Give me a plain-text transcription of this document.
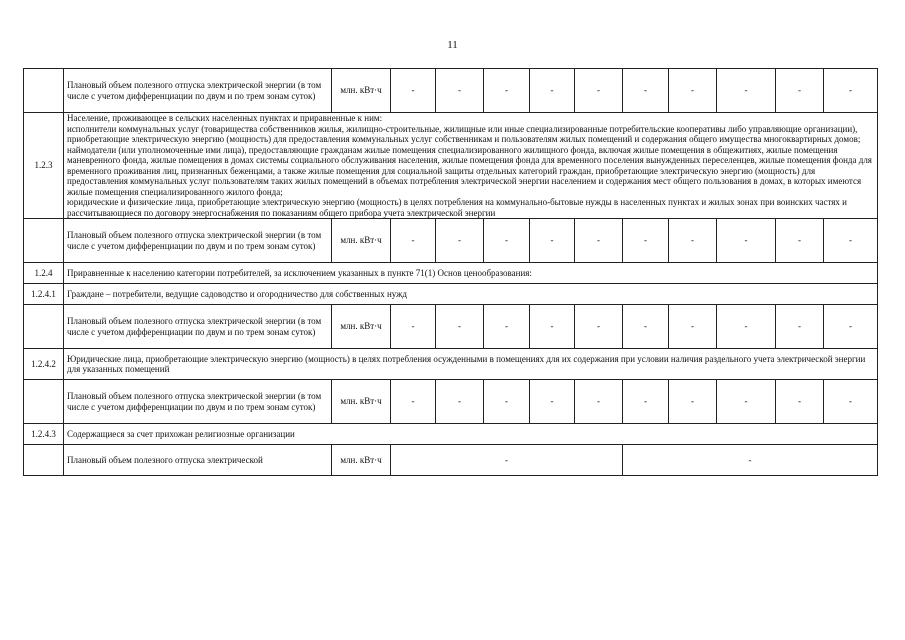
11
	Плановый объем полезного отпуска электрической энергии (в том числе с учетом дифференциации по двум и по трем зонам суток)	млн. кВт·ч	-	-	-	-	-	-	-	-	-	-
1.2.3	Население, проживающее в сельских населенных пунктах и приравненные к ним:
исполнители коммунальных услуг (товарищества собственников жилья, жилищно-строительные, жилищные или иные специализированные потребительские кооперативы либо управляющие организации), приобретающие электрическую энергию (мощность) для предоставления коммунальных услуг собственникам и пользователям жилых помещений и содержания общего имущества многоквартирных домов; наймодатели (или уполномоченные ими лица), предоставляющие гражданам жилые помещения специализированного жилищного фонда, включая жилые помещения в общежитиях, жилые помещения маневренного фонда, жилые помещения в домах системы социального обслуживания населения, жилые помещения фонда для временного поселения вынужденных переселенцев, жилые помещения фонда для временного проживания лиц, признанных беженцами, а также жилые помещения для социальной защиты отдельных категорий граждан, приобретающие электрическую энергию (мощность) для предоставления коммунальных услуг пользователям таких жилых помещений в объемах потребления электрической энергии населением и содержания мест общего пользования в домах, в которых имеются жилые помещения специализированного жилого фонда;
юридические и физические лица, приобретающие электрическую энергию (мощность) в целях потребления на коммунально-бытовые нужды в населенных пунктах и жилых зонах при воинских частях и рассчитывающиеся по договору энергоснабжения по показаниям общего прибора учета электрической энергии											

	Плановый объем полезного отпуска электрической энергии (в том числе с учетом дифференциации по двум и по трем зонам суток)	млн. кВт·ч	-	-	-	-	-	-	-	-	-	-
1.2.4	Приравненные к населению категории потребителей, за исключением указанных в пункте 71(1) Основ ценообразования:											

1.2.4.1	Граждане – потребители, ведущие садоводство и огородничество для собственных нужд											

	Плановый объем полезного отпуска электрической энергии (в том числе с учетом дифференциации по двум и по трем зонам суток)	млн. кВт·ч	-	-	-	-	-	-	-	-	-	-
1.2.4.2	Юридические лица, приобретающие электрическую энергию (мощность) в целях потребления осужденными в помещениях для их содержания при условии наличия раздельного учета электрической энергии для указанных помещений											

	Плановый объем полезного отпуска электрической энергии (в том числе с учетом дифференциации по двум и по трем зонам суток)	млн. кВт·ч	-	-	-	-	-	-	-	-	-	-
1.2.4.3	Содержащиеся за счет прихожан религиозные организации											

	Плановый объем полезного отпуска электрической	млн. кВт·ч	-					-				
